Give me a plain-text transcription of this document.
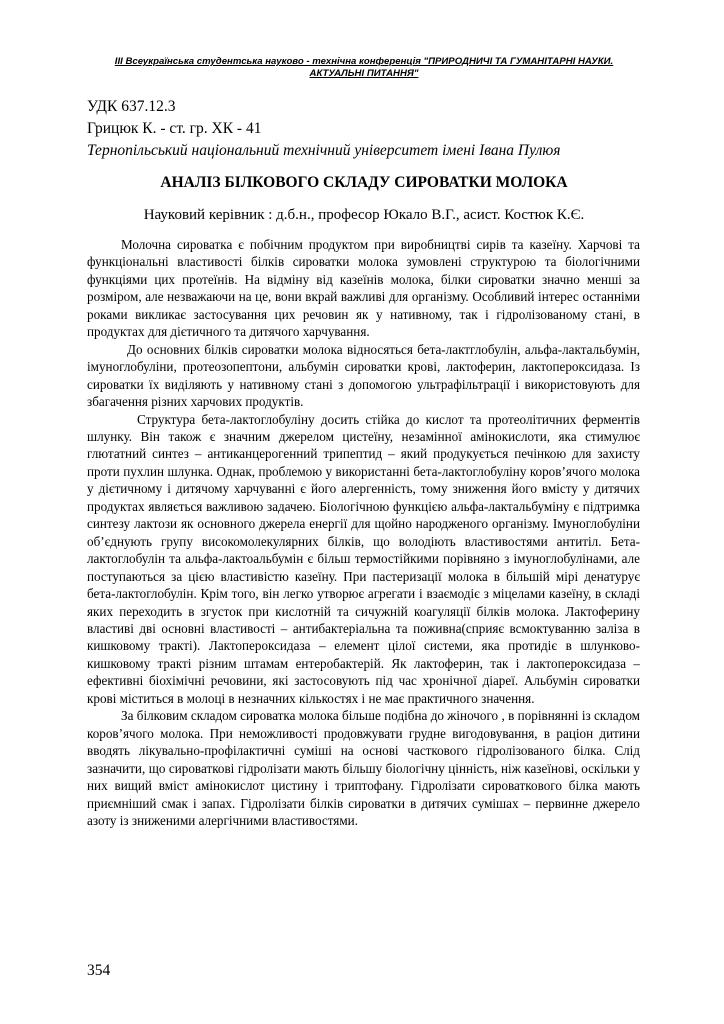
III Всеукраїнська студентська науково - технічна конференція "ПРИРОДНИЧІ ТА ГУМАНІТАРНІ НАУКИ.
АКТУАЛЬНІ ПИТАННЯ"
УДК 637.12.3
Грицюк К. - ст. гр. ХК - 41
Тернопільський національний технічний університет імені Івана Пулюя
АНАЛІЗ БІЛКОВОГО СКЛАДУ СИРОВАТКИ МОЛОКА
Науковий керівник : д.б.н., професор Юкало В.Г., асист. Костюк К.Є.

Молочна сироватка є побічним продуктом при виробництві сирів та казеїну. Харчові та функціональні властивості білків сироватки молока зумовлені структурою та біологічними функціями цих протеїнів. На відміну від казеїнів молока, білки сироватки значно менші за розміром, але незважаючи на це, вони вкрай важливі для організму. Особливий інтерес останніми роками викликає застосування цих речовин як у нативному, так і гідролізованому стані, в продуктах для дієтичного та дитячого харчування.

До основних білків сироватки молока відносяться бета-лактглобулін, альфа-лактальбумін, імуноглобуліни, протеозопептони, альбумін сироватки крові, лактоферин, лактопероксидаза. Із сироватки їх виділяють у нативному стані з допомогою ультрафільтрації і використовують для збагачення різних харчових продуктів.

Структура бета-лактоглобуліну досить стійка до кислот та протеолітичних ферментів шлунку. Він також є значним джерелом цистеїну, незамінної амінокислоти, яка стимулює глютатний синтез – антиканцерогенний трипептид – який продукується печінкою для захисту проти пухлин шлунка. Однак, проблемою у використанні бета-лактоглобуліну коров’ячого молока у дієтичному і дитячому харчуванні є його алергенність, тому зниження його вмісту у дитячих продуктах являється важливою задачею. Біологічною функцією альфа-лактальбуміну є підтримка синтезу лактози як основного джерела енергії для щойно народженого організму. Імуноглобуліни об’єднують групу високомолекулярних білків, що володіють властивостями антитіл. Бета-лактоглобулін та альфа-лактоальбумін є більш термостійкими порівняно з імуноглобулінами, але поступаються за цією властивістю казеїну. При пастеризації молока в більшій мірі денатурує бета-лактоглобулін. Крім того, він легко утворює агрегати і взаємодіє з міцелами казеїну, в складі яких переходить в згусток при кислотній та сичужній коагуляції білків молока. Лактоферину властиві дві основні властивості – антибактеріальна та поживна(сприяє всмоктуванню заліза в кишковому тракті). Лактопероксидаза – елемент цілої системи, яка протидіє в шлунково-кишковому тракті різним штамам ентеробактерій. Як лактоферин, так і лактопероксидаза – ефективні біохімічні речовини, які застосовують під час хронічної діареї. Альбумін сироватки крові міститься в молоці в незначних кількостях і не має практичного значення.

За білковим складом сироватка молока більше подібна до жіночого , в порівнянні із складом коров’ячого молока. При неможливості продовжувати грудне вигодовування, в раціон дитини вводять лікувально-профілактичні суміші на основі часткового гідролізованого білка. Слід зазначити, що сироваткові гідролізати мають більшу біологічну цінність, ніж казеїнові, оскільки у них вищий вміст амінокислот цистину і триптофану. Гідролізати сироваткового білка мають приємніший смак і запах. Гідролізати білків сироватки в дитячих сумішах – первинне джерело азоту із зниженими алергічними властивостями.

354
